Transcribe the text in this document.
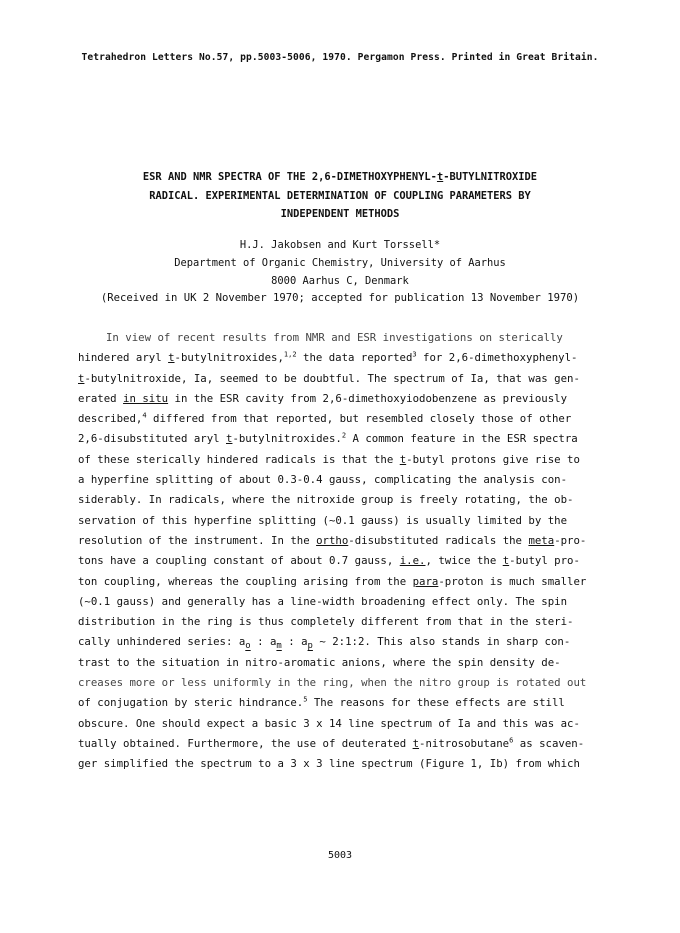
Tetrahedron Letters No.57, pp.5003-5006, 1970. Pergamon Press. Printed in Great Britain.
ESR AND NMR SPECTRA OF THE 2,6-DIMETHOXYPHENYL-t-BUTYLNITROXIDE
RADICAL. EXPERIMENTAL DETERMINATION OF COUPLING PARAMETERS BY
INDEPENDENT METHODS
H.J. Jakobsen and Kurt Torssell*
Department of Organic Chemistry, University of Aarhus
8000 Aarhus C, Denmark
(Received in UK 2 November 1970; accepted for publication 13 November 1970)
In view of recent results from NMR and ESR investigations on sterically
hindered aryl t-butylnitroxides,$^{1,2}$ the data reported$^3$ for 2,6-dimethoxyphenyl-
t-butylnitroxide, Ia, seemed to be doubtful. The spectrum of Ia, that was gen-
erated in situ in the ESR cavity from 2,6-dimethoxyiodobenzene as previously
described,$^4$ differed from that reported, but resembled closely those of other
2,6-disubstituted aryl t-butylnitroxides.$^2$ A common feature in the ESR spectra
of these sterically hindered radicals is that the t-butyl protons give rise to
a hyperfine splitting of about 0.3-0.4 gauss, complicating the analysis con-
siderably. In radicals, where the nitroxide group is freely rotating, the ob-
servation of this hyperfine splitting (~0.1 gauss) is usually limited by the
resolution of the instrument. In the ortho-disubstituted radicals the meta-pro-
tons have a coupling constant of about 0.7 gauss, i.e., twice the t-butyl pro-
ton coupling, whereas the coupling arising from the para-proton is much smaller
(~0.1 gauss) and generally has a line-width broadening effect only. The spin
distribution in the ring is thus completely different from that in the steri-
cally unhindered series: $a_o$ : $a_m$ : $a_p$ ~ 2:1:2. This also stands in sharp con-
trast to the situation in nitro-aromatic anions, where the spin density de-
creases more or less uniformly in the ring, when the nitro group is rotated out
of conjugation by steric hindrance.$^5$ The reasons for these effects are still
obscure. One should expect a basic 3 x 14 line spectrum of Ia and this was ac-
tually obtained. Furthermore, the use of deuterated t-nitrosobutane$^6$ as scaven-
ger simplified the spectrum to a 3 x 3 line spectrum (Figure 1, Ib) from which
5003
